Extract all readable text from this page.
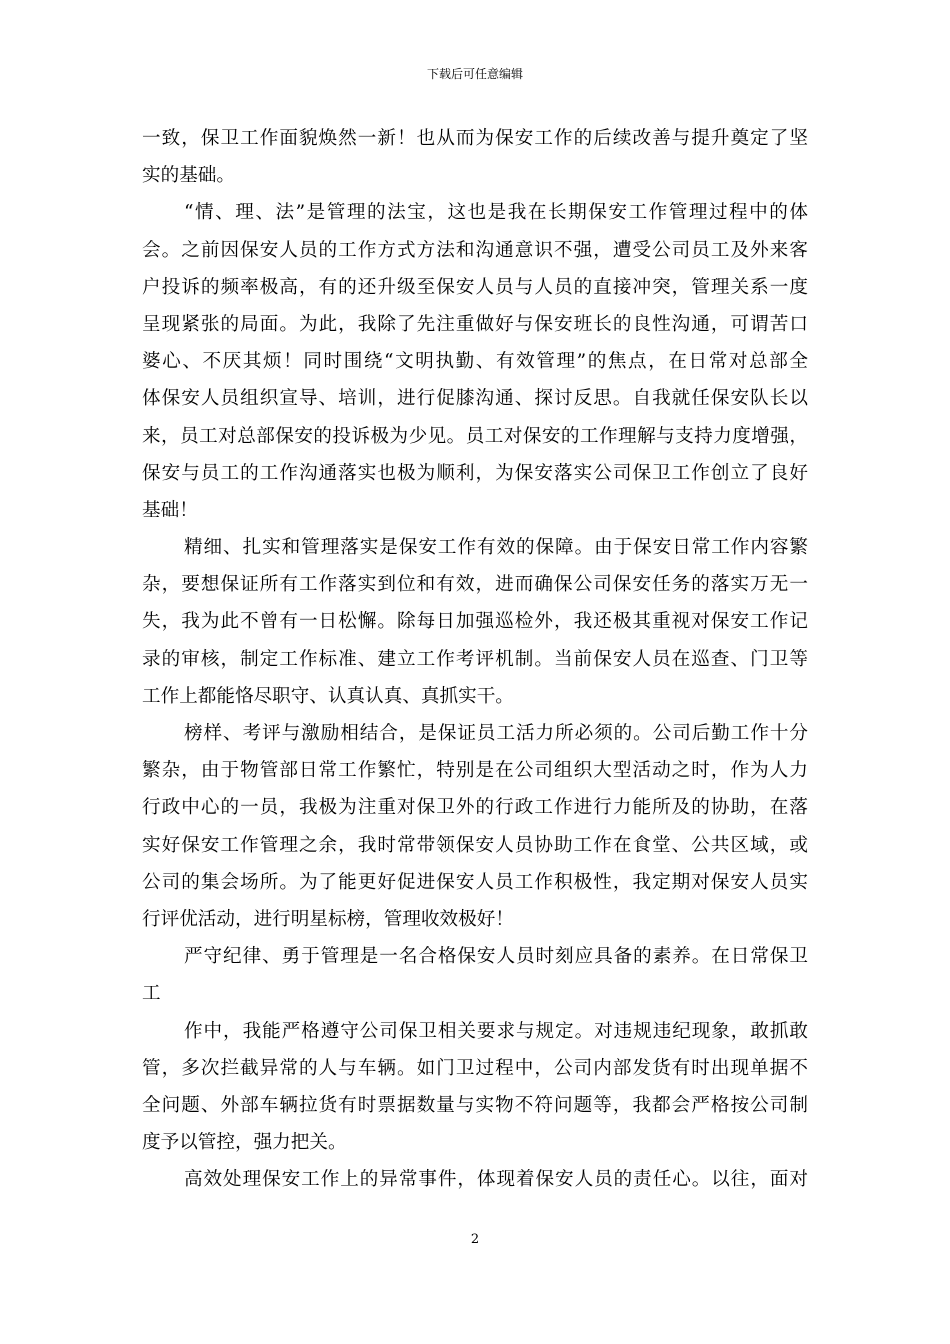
下载后可任意编辑
一致，保卫工作面貌焕然一新！也从而为保安工作的后续改善与提升奠定了坚
实的基础。
“情、理、法”是管理的法宝，这也是我在长期保安工作管理过程中的体
会。之前因保安人员的工作方式方法和沟通意识不强，遭受公司员工及外来客
户投诉的频率极高，有的还升级至保安人员与人员的直接冲突，管理关系一度
呈现紧张的局面。为此，我除了先注重做好与保安班长的良性沟通，可谓苦口
婆心、不厌其烦！同时围绕“文明执勤、有效管理”的焦点，在日常对总部全
体保安人员组织宣导、培训，进行促膝沟通、探讨反思。自我就任保安队长以
来，员工对总部保安的投诉极为少见。员工对保安的工作理解与支持力度增强，
保安与员工的工作沟通落实也极为顺利，为保安落实公司保卫工作创立了良好
基础！
精细、扎实和管理落实是保安工作有效的保障。由于保安日常工作内容繁
杂，要想保证所有工作落实到位和有效，进而确保公司保安任务的落实万无一
失，我为此不曾有一日松懈。除每日加强巡检外，我还极其重视对保安工作记
录的审核，制定工作标准、建立工作考评机制。当前保安人员在巡查、门卫等
工作上都能恪尽职守、认真认真、真抓实干。
榜样、考评与激励相结合，是保证员工活力所必须的。公司后勤工作十分
繁杂，由于物管部日常工作繁忙，特别是在公司组织大型活动之时，作为人力
行政中心的一员，我极为注重对保卫外的行政工作进行力能所及的协助，在落
实好保安工作管理之余，我时常带领保安人员协助工作在食堂、公共区域，或
公司的集会场所。为了能更好促进保安人员工作积极性，我定期对保安人员实
行评优活动，进行明星标榜，管理收效极好！
严守纪律、勇于管理是一名合格保安人员时刻应具备的素养。在日常保卫
工
作中，我能严格遵守公司保卫相关要求与规定。对违规违纪现象，敢抓敢
管，多次拦截异常的人与车辆。如门卫过程中，公司内部发货有时出现单据不
全问题、外部车辆拉货有时票据数量与实物不符问题等，我都会严格按公司制
度予以管控，强力把关。
高效处理保安工作上的异常事件，体现着保安人员的责任心。以往，面对
2
